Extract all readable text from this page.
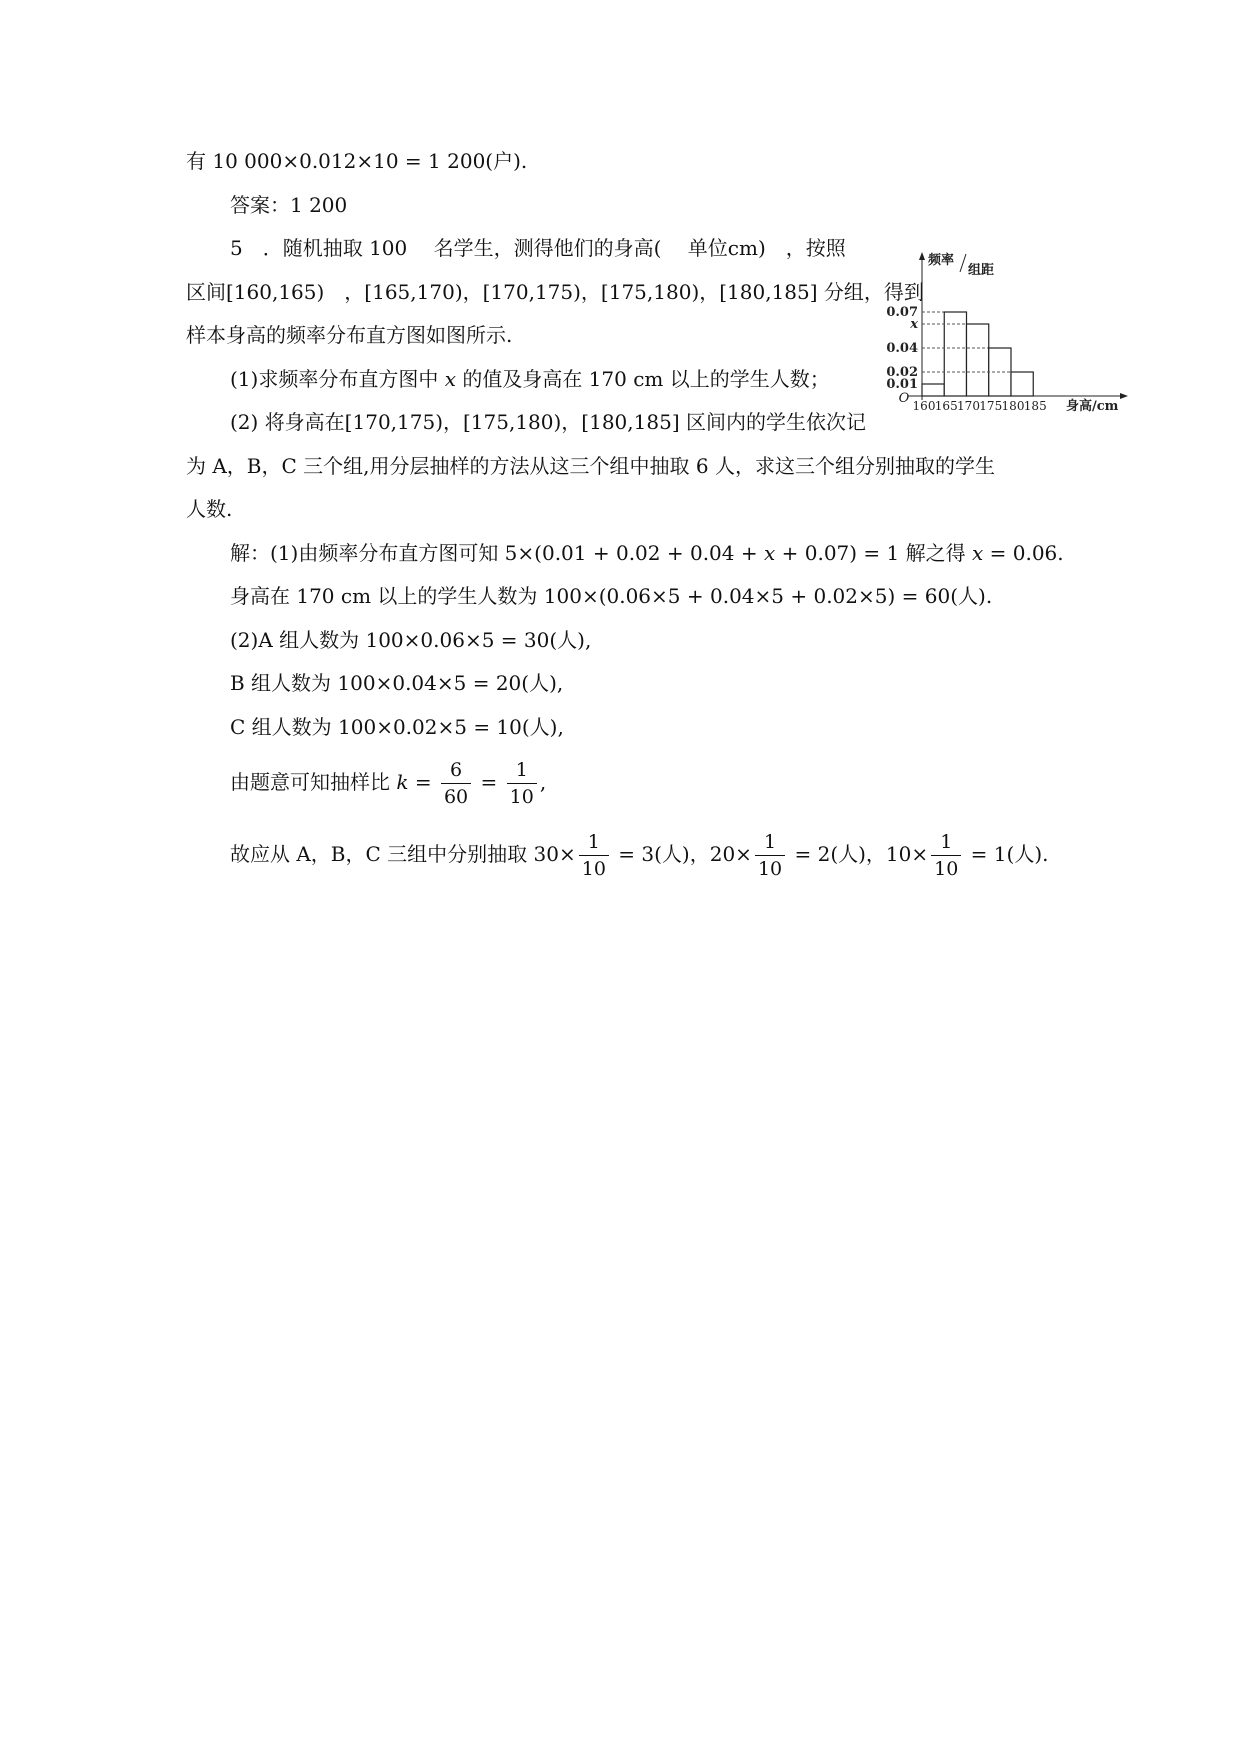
有 10 000×0.012×10 = 1 200(户).
答案：1 200
5　．随机抽取 100　 名学生，测得他们的身高(　 单位cm)　，按照
区间[160,165)　，[165,170)，[170,175)，[175,180)，[180,185] 分组，得到
样本身高的频率分布直方图如图所示.
(1)求频率分布直方图中 x 的值及身高在 170 cm 以上的学生人数；
(2) 将身高在[170,175)，[175,180)，[180,185] 区间内的学生依次记
为 A，B，C 三个组,用分层抽样的方法从这三个组中抽取 6 人，求这三个组分别抽取的学生
人数.
解：(1)由频率分布直方图可知 5×(0.01 + 0.02 + 0.04 + x + 0.07) = 1 解之得 x = 0.06.
身高在 170 cm 以上的学生人数为 100×(0.06×5 + 0.04×5 + 0.02×5) = 60(人).
(2)A 组人数为 100×0.06×5 = 30(人),
B 组人数为 100×0.04×5 = 20(人),
C 组人数为 100×0.02×5 = 10(人),
由题意可知抽样比 $k = \frac{6}{60} = \frac{1}{10}$ ,
故应从 A，B，C 三组中分别抽取 $30\times \frac{1}{10} = 3$(人)，$20\times \frac{1}{10} = 2$(人)，$10\times \frac{1}{10} = 1$(人).
0.07
x
0.04
0.02
0.01
160 165 170 175 180 185
O
频率
组距
身高/cm
